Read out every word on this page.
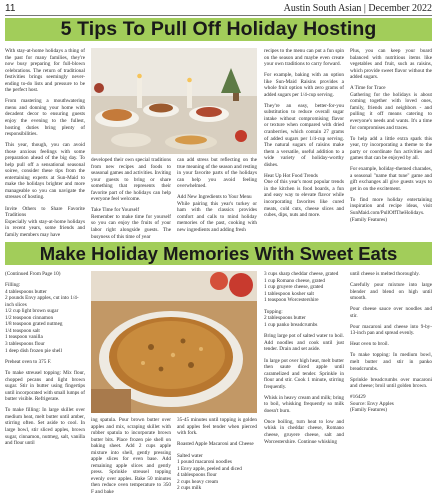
11	Austin South Asian | December 2022
5 Tips To Pull Off Holiday Hosting

With stay-at-home holidays a thing of the past for many families, they're now busy preparing for full-blown celebrations. The return of traditional festivities brings seemingly never-ending to-do lists and pressure to be the perfect host.

From mastering a mouthwatering menu and donning your home with decadent decor to ensuring guests enjoy the evening to the fullest, hosting duties bring plenty of responsibilities.

This year, though, you can avoid those anxious feelings with some preparation ahead of the big day. To help pull off a sensational seasonal soiree, consider these tips from the entertaining experts at Sun-Maid to make the holidays brighter and more manageable so you can navigate the stresses of hosting.

Invite Others to Share Favorite Traditions

Especially with stay-at-home holidays in recent years, some friends and family members may have

developed their own special traditions from new recipes and foods to seasonal games and activities. Inviting your guests to bring or share something that represents their favorite part of the holidays can help everyone feel welcome.

Take Time for Yourself

Remember to make time for yourself so you can enjoy the fruits of your labor right alongside guests. The busyness of this time of year

can add stress but reflecting on the true meaning of the season and resting in your favorite parts of the holidays can help you avoid feeling overwhelmed.

Add New Ingredients to Your Menu

While pairing this year's turkey or ham with the classics provides comfort and calls to mind holiday memories of the past, cooking with new ingredients and adding fresh

recipes to the menu can put a fun spin on the season and maybe even create your own traditions to carry forward.

For example, baking with an option like Sun-Maid Raisins provides a whole fruit option with zero grams of added sugars per 1/4-cup serving.

They're an easy, better-for-you substitution to reduce overall sugar intake without compromising flavor or texture when compared with dried cranberries, which contain 27 grams of added sugars per 1/4-cup serving. The natural sugars of raisins make them a versatile, useful addition to a wide variety of holiday-worthy dishes.

Heat Up Hot Food Trends

One of this year's most popular trends in the kitchen is food boards, a fun and easy way to elevate flavor while incorporating favorites like cured meats, cold cuts, cheese slices and cubes, dips, nuts and more.

Plus, you can keep your board balanced with nutritious items like vegetables and fruit, such as raisins, which provide sweet flavor without the added sugars.

A Time for Trace

Gathering for the holidays is about coming together with loved ones, family, friends and neighbors - and pulling it off means catering to everyone's needs and wants. It's a time for compromises and traces.

To help add a little extra spark this year, try incorporating a theme to the party or coordinate fun activities and games that can be enjoyed by all.

For example, holiday-themed charades, a seasonal "name that tune" game and gift exchanges all give guests ways to get in on the excitement.

To find more holiday entertaining inspiration and recipe ideas, visit SunMaid.com/PullOffTheHolidays. (Family Features)

Make Holiday Memories With Sweet Eats

(Continued From Page 10)

Filling:
4 tablespoons butter
2 pounds Envy apples, cut into 1/4-inch slices
1/2 cup light brown sugar
1/2 teaspoon cinnamon
1/8 teaspoon grated nutmeg
1/4 teaspoon salt
1 teaspoon vanilla
3 tablespoons flour
1 deep dish frozen pie shell

Preheat oven to 375 F.

To make streusel topping: Mix flour, chopped pecans and light brown sugar. Stir in butter using fingertips until incorporated with small lumps of butter visible. Refrigerate.

To make filling: In large skillet over medium heat, melt butter until amber, stirring often. Set aside to cool. In large bowl, stir sliced apples, brown sugar, cinnamon, nutmeg, salt, vanilla and flour until

ing spatula. Pour brown butter over apples and mix, scraping skillet with rubber spatula to incorporate brown butter bits. Place frozen pie shell on baking sheet. Add 2 cups apple mixture into shell, gently pressing apple slices for even base. Add remaining apple slices and gently press. Sprinkle streusel topping evenly over apples. Bake 50 minutes then reduce oven temperature to 350 F and bake

35-45 minutes until topping is golden and apples feel tender when pierced with fork.

Roasted Apple Macaroni and Cheese

Salted water
1 pound macaroni noodles
1 Envy apple, peeled and diced
4 tablespoons flour
2 cups heavy cream
2 cups milk
3 cups sharp cheddar cheese, grated
1 cup Romano cheese, grated
1 cup gruyere cheese, grated
1 tablespoon kosher salt
1 teaspoon Worcestershire
Topping:
2 tablespoons butter
1 cup panko breadcrumbs

Bring large pot of salted water to boil. Add noodles and cook until just tender. Drain and set aside.

In large pot over high heat, melt butter then saute diced apple until caramelized and tender. Sprinkle in flour and stir. Cook 1 minute, stirring frequently.

Whisk in heavy cream and milk; bring to boil, whisking frequently so milk doesn't burn.

Once boiling, turn heat to low and whisk in cheddar cheese, Romano cheese, gruyere cheese, salt and Worcestershire. Continue whisking

until cheese is melted thoroughly.

Carefully pour mixture into large blender and blend on high until smooth.

Pour cheese sauce over noodles and stir.

Pour macaroni and cheese into 9-by-13-inch pan and spread evenly.

Heat oven to broil.

To make topping: In medium bowl, melt butter and stir in panko breadcrumbs.

Sprinkle breadcrumbs over macaroni and cheese; broil until golden brown.

#16429
Source: Envy Apples
(Family Features)
